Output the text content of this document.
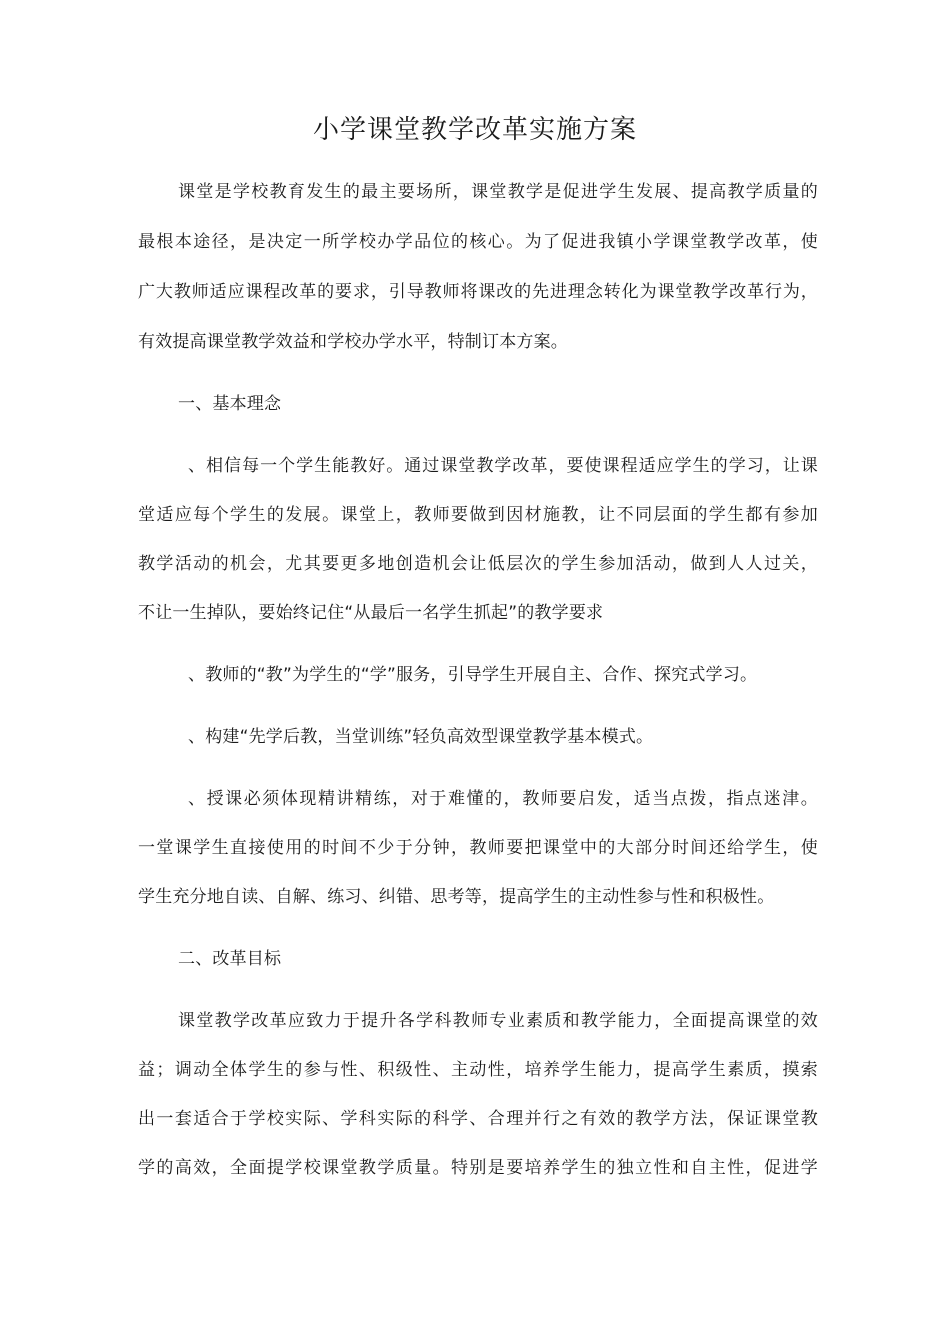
小学课堂教学改革实施方案
课堂是学校教育发生的最主要场所，课堂教学是促进学生发展、提高教学质量的
最根本途径，是决定一所学校办学品位的核心。为了促进我镇小学课堂教学改革，使
广大教师适应课程改革的要求，引导教师将课改的先进理念转化为课堂教学改革行为，
有效提高课堂教学效益和学校办学水平，特制订本方案。
一、基本理念
、相信每一个学生能教好。通过课堂教学改革，要使课程适应学生的学习，让课
堂适应每个学生的发展。课堂上，教师要做到因材施教，让不同层面的学生都有参加
教学活动的机会，尤其要更多地创造机会让低层次的学生参加活动，做到人人过关，
不让一生掉队，要始终记住“从最后一名学生抓起”的教学要求
、教师的“教”为学生的“学”服务，引导学生开展自主、合作、探究式学习。
、构建“先学后教，当堂训练”轻负高效型课堂教学基本模式。
、授课必须体现精讲精练，对于难懂的，教师要启发，适当点拨，指点迷津。
一堂课学生直接使用的时间不少于分钟，教师要把课堂中的大部分时间还给学生，使
学生充分地自读、自解、练习、纠错、思考等，提高学生的主动性参与性和积极性。
二、改革目标
课堂教学改革应致力于提升各学科教师专业素质和教学能力，全面提高课堂的效
益；调动全体学生的参与性、积级性、主动性，培养学生能力，提高学生素质，摸索
出一套适合于学校实际、学科实际的科学、合理并行之有效的教学方法，保证课堂教
学的高效，全面提学校课堂教学质量。特别是要培养学生的独立性和自主性，促进学
